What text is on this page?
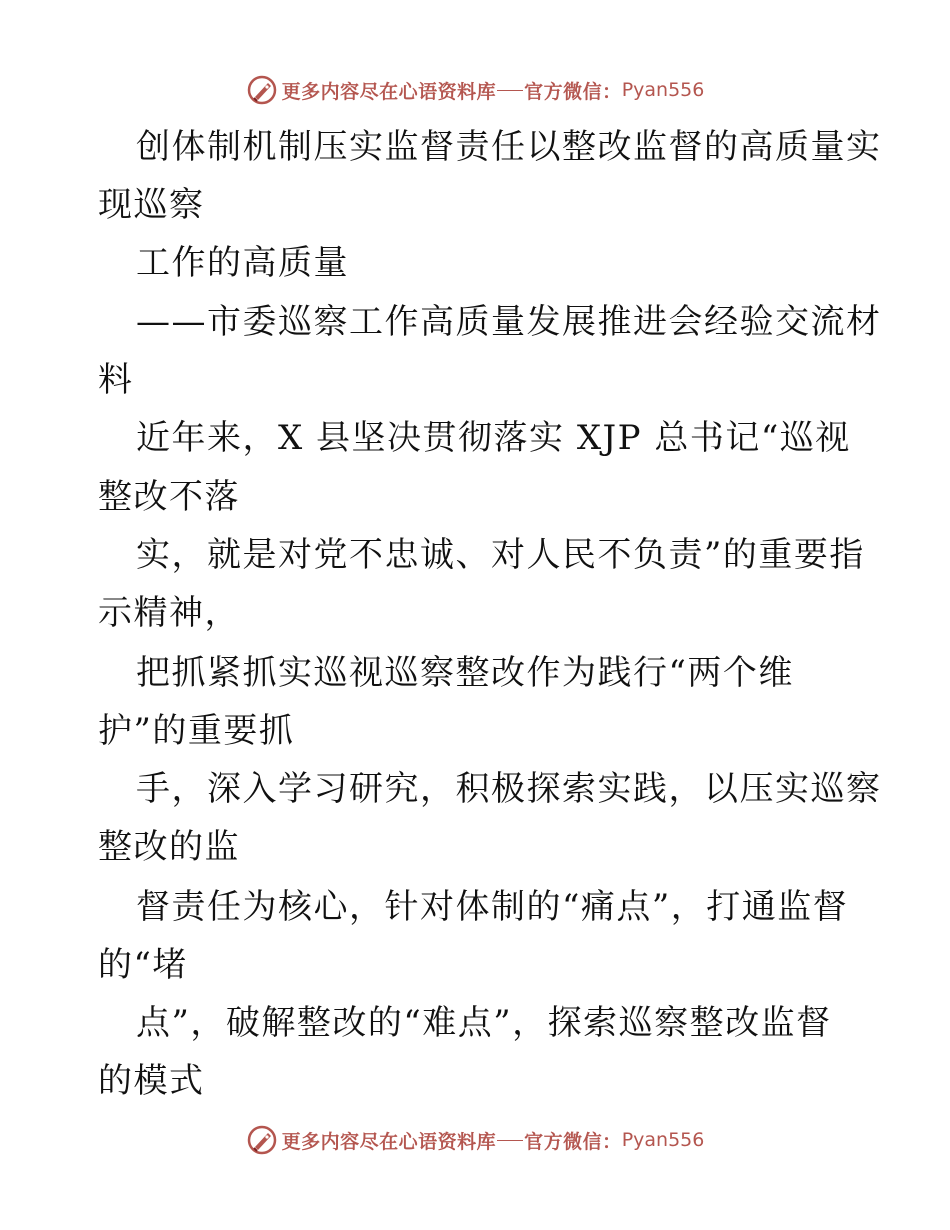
更多内容尽在心语资料库 官方微信： Pyan556
创体制机制压实监督责任以整改监督的高质量实
现巡察
工作的高质量
——市委巡察工作高质量发展推进会经验交流材
料
近年来，X 县坚决贯彻落实 XJP 总书记“巡视
整改不落
实，就是对党不忠诚、对人民不负责”的重要指
示精神，
把抓紧抓实巡视巡察整改作为践行“两个维
护”的重要抓
手，深入学习研究，积极探索实践，以压实巡察
整改的监
督责任为核心，针对体制的“痛点”，打通监督
的“堵
点”，破解整改的“难点”，探索巡察整改监督
的模式
更多内容尽在心语资料库 官方微信： Pyan556
